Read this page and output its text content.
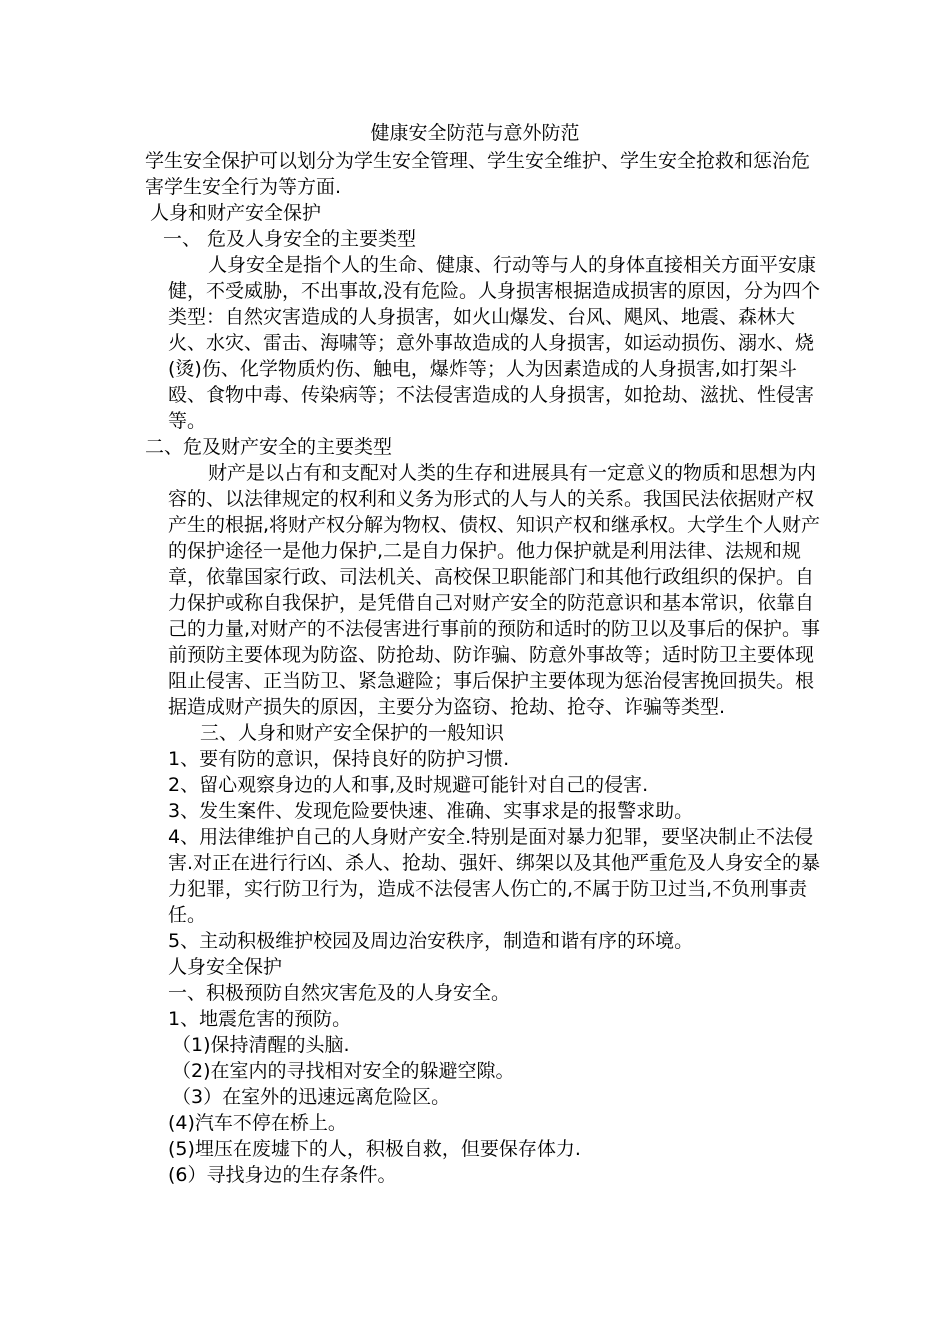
健康安全防范与意外防范

学生安全保护可以划分为学生安全管理、学生安全维护、学生安全抢救和惩治危害学生安全行为等方面.

人身和财产安全保护

一、 危及人身安全的主要类型

人身安全是指个人的生命、健康、行动等与人的身体直接相关方面平安康健，不受威胁，不出事故,没有危险。人身损害根据造成损害的原因，分为四个类型：自然灾害造成的人身损害，如火山爆发、台风、飓风、地震、森林大火、水灾、雷击、海啸等；意外事故造成的人身损害，如运动损伤、溺水、烧(烫)伤、化学物质灼伤、触电，爆炸等；人为因素造成的人身损害,如打架斗殴、食物中毒、传染病等；不法侵害造成的人身损害，如抢劫、滋扰、性侵害等。

二、危及财产安全的主要类型

财产是以占有和支配对人类的生存和进展具有一定意义的物质和思想为内容的、以法律规定的权利和义务为形式的人与人的关系。我国民法依据财产权产生的根据,将财产权分解为物权、债权、知识产权和继承权。大学生个人财产的保护途径一是他力保护,二是自力保护。他力保护就是利用法律、法规和规章，依靠国家行政、司法机关、高校保卫职能部门和其他行政组织的保护。自力保护或称自我保护，是凭借自己对财产安全的防范意识和基本常识，依靠自己的力量,对财产的不法侵害进行事前的预防和适时的防卫以及事后的保护。事前预防主要体现为防盗、防抢劫、防诈骗、防意外事故等；适时防卫主要体现阻止侵害、正当防卫、紧急避险；事后保护主要体现为惩治侵害挽回损失。根据造成财产损失的原因，主要分为盗窃、抢劫、抢夺、诈骗等类型.

三、人身和财产安全保护的一般知识

1、要有防的意识，保持良好的防护习惯.

2、留心观察身边的人和事,及时规避可能针对自己的侵害.

3、发生案件、发现危险要快速、准确、实事求是的报警求助。

4、用法律维护自己的人身财产安全.特别是面对暴力犯罪，要坚决制止不法侵害.对正在进行行凶、杀人、抢劫、强奸、绑架以及其他严重危及人身安全的暴力犯罪，实行防卫行为，造成不法侵害人伤亡的,不属于防卫过当,不负刑事责任。

5、主动积极维护校园及周边治安秩序，制造和谐有序的环境。

人身安全保护

一、积极预防自然灾害危及的人身安全。

1、地震危害的预防。

（1)保持清醒的头脑.

（2)在室内的寻找相对安全的躲避空隙。

（3）在室外的迅速远离危险区。

(4)汽车不停在桥上。

(5)埋压在废墟下的人，积极自救，但要保存体力.

(6）寻找身边的生存条件。
